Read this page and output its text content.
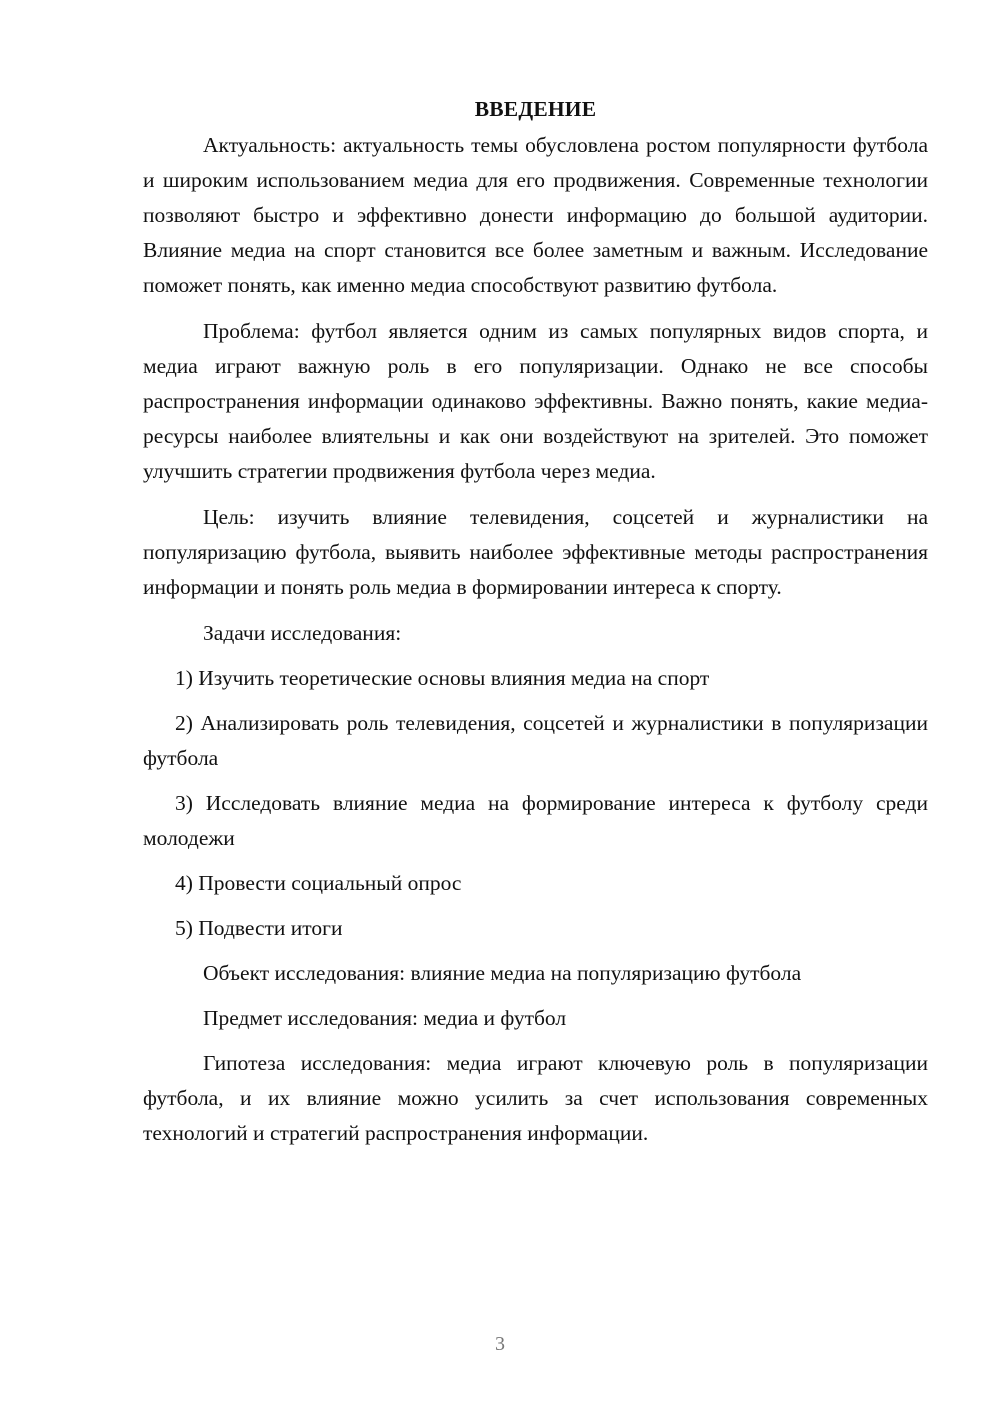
ВВЕДЕНИЕ

Актуальность: актуальность темы обусловлена ростом популярности футбола и широким использованием медиа для его продвижения. Современные технологии позволяют быстро и эффективно донести информацию до большой аудитории. Влияние медиа на спорт становится все более заметным и важным. Исследование поможет понять, как именно медиа способствуют развитию футбола.

Проблема: футбол является одним из самых популярных видов спорта, и медиа играют важную роль в его популяризации. Однако не все способы распространения информации одинаково эффективны. Важно понять, какие медиа-ресурсы наиболее влиятельны и как они воздействуют на зрителей. Это поможет улучшить стратегии продвижения футбола через медиа.

Цель: изучить влияние телевидения, соцсетей и журналистики на популяризацию футбола, выявить наиболее эффективные методы распространения информации и понять роль медиа в формировании интереса к спорту.

Задачи исследования:

1) Изучить теоретические основы влияния медиа на спорт

2) Анализировать роль телевидения, соцсетей и журналистики в популяризации футбола

3) Исследовать влияние медиа на формирование интереса к футболу среди молодежи

4) Провести социальный опрос

5) Подвести итоги

Объект исследования: влияние медиа на популяризацию футбола

Предмет исследования: медиа и футбол

Гипотеза исследования: медиа играют ключевую роль в популяризации футбола, и их влияние можно усилить за счет использования современных технологий и стратегий распространения информации.

3
